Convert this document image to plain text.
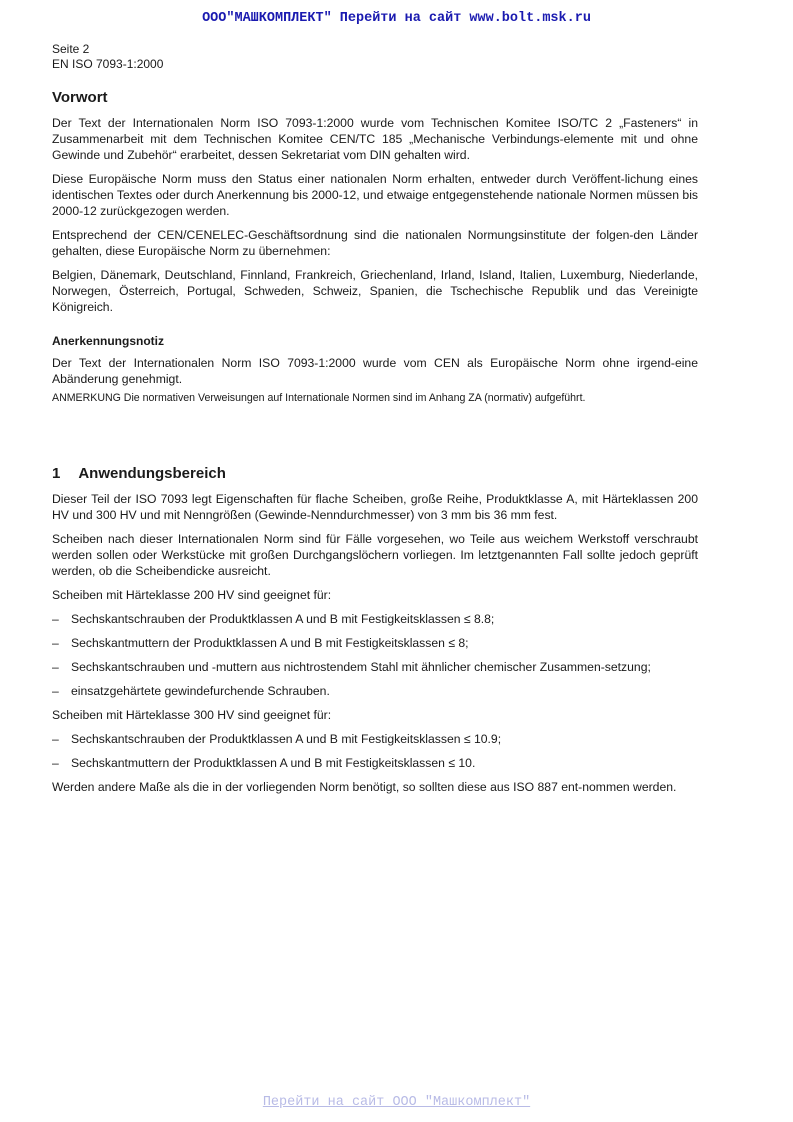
ООО"МАШКОМПЛЕКТ" Перейти на сайт www.bolt.msk.ru
Seite 2
EN ISO 7093-1:2000
Vorwort

Der Text der Internationalen Norm ISO 7093-1:2000 wurde vom Technischen Komitee ISO/TC 2 „Fasteners“ in Zusammenarbeit mit dem Technischen Komitee CEN/TC 185 „Mechanische Verbindungs-elemente mit und ohne Gewinde und Zubehör“ erarbeitet, dessen Sekretariat vom DIN gehalten wird.

Diese Europäische Norm muss den Status einer nationalen Norm erhalten, entweder durch Veröffent-lichung eines identischen Textes oder durch Anerkennung bis 2000-12, und etwaige entgegenstehende nationale Normen müssen bis 2000-12 zurückgezogen werden.

Entsprechend der CEN/CENELEC-Geschäftsordnung sind die nationalen Normungsinstitute der folgen-den Länder gehalten, diese Europäische Norm zu übernehmen:

Belgien, Dänemark, Deutschland, Finnland, Frankreich, Griechenland, Irland, Island, Italien, Luxemburg, Niederlande, Norwegen, Österreich, Portugal, Schweden, Schweiz, Spanien, die Tschechische Republik und das Vereinigte Königreich.

Anerkennungsnotiz

Der Text der Internationalen Norm ISO 7093-1:2000 wurde vom CEN als Europäische Norm ohne irgend-eine Abänderung genehmigt.

ANMERKUNG Die normativen Verweisungen auf Internationale Normen sind im Anhang ZA (normativ) aufgeführt.

1 Anwendungsbereich

Dieser Teil der ISO 7093 legt Eigenschaften für flache Scheiben, große Reihe, Produktklasse A, mit Härteklassen 200 HV und 300 HV und mit Nenngrößen (Gewinde-Nenndurchmesser) von 3 mm bis 36 mm fest.

Scheiben nach dieser Internationalen Norm sind für Fälle vorgesehen, wo Teile aus weichem Werkstoff verschraubt werden sollen oder Werkstücke mit großen Durchgangslöchern vorliegen. Im letztgenannten Fall sollte jedoch geprüft werden, ob die Scheibendicke ausreicht.

Scheiben mit Härteklasse 200 HV sind geeignet für:

– Sechskantschrauben der Produktklassen A und B mit Festigkeitsklassen ≤ 8.8;
– Sechskantmuttern der Produktklassen A und B mit Festigkeitsklassen ≤ 8;
– Sechskantschrauben und -muttern aus nichtrostendem Stahl mit ähnlicher chemischer Zusammen-setzung;
– einsatzgehärtete gewindefurchende Schrauben.

Scheiben mit Härteklasse 300 HV sind geeignet für:

– Sechskantschrauben der Produktklassen A und B mit Festigkeitsklassen ≤ 10.9;
– Sechskantmuttern der Produktklassen A und B mit Festigkeitsklassen ≤ 10.

Werden andere Maße als die in der vorliegenden Norm benötigt, so sollten diese aus ISO 887 ent-nommen werden.

Перейти на сайт ООО "Машкомплект"
